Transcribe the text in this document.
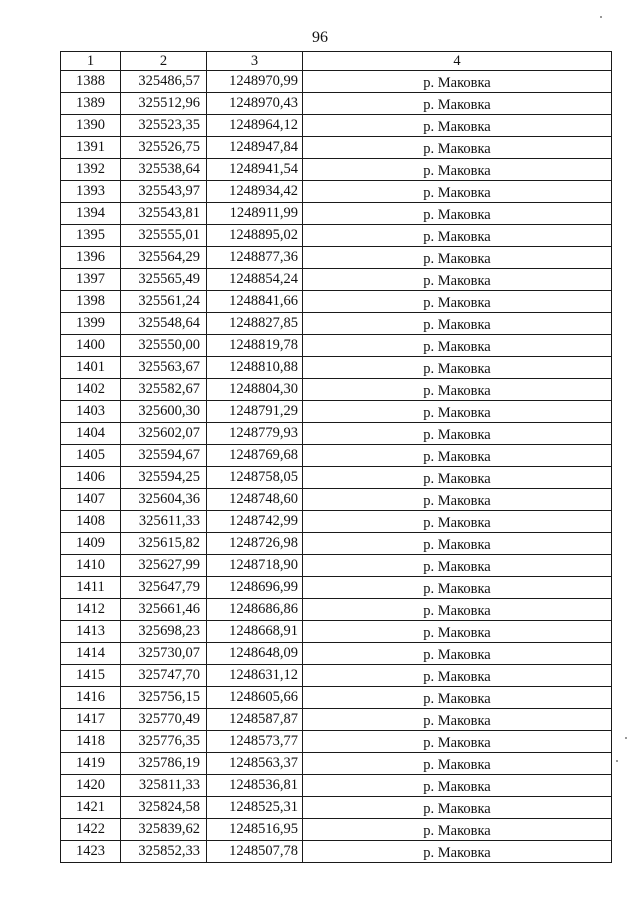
96
1	2	3	4
1388	325486,57	1248970,99	р. Маковка
1389	325512,96	1248970,43	р. Маковка
1390	325523,35	1248964,12	р. Маковка
1391	325526,75	1248947,84	р. Маковка
1392	325538,64	1248941,54	р. Маковка
1393	325543,97	1248934,42	р. Маковка
1394	325543,81	1248911,99	р. Маковка
1395	325555,01	1248895,02	р. Маковка
1396	325564,29	1248877,36	р. Маковка
1397	325565,49	1248854,24	р. Маковка
1398	325561,24	1248841,66	р. Маковка
1399	325548,64	1248827,85	р. Маковка
1400	325550,00	1248819,78	р. Маковка
1401	325563,67	1248810,88	р. Маковка
1402	325582,67	1248804,30	р. Маковка
1403	325600,30	1248791,29	р. Маковка
1404	325602,07	1248779,93	р. Маковка
1405	325594,67	1248769,68	р. Маковка
1406	325594,25	1248758,05	р. Маковка
1407	325604,36	1248748,60	р. Маковка
1408	325611,33	1248742,99	р. Маковка
1409	325615,82	1248726,98	р. Маковка
1410	325627,99	1248718,90	р. Маковка
1411	325647,79	1248696,99	р. Маковка
1412	325661,46	1248686,86	р. Маковка
1413	325698,23	1248668,91	р. Маковка
1414	325730,07	1248648,09	р. Маковка
1415	325747,70	1248631,12	р. Маковка
1416	325756,15	1248605,66	р. Маковка
1417	325770,49	1248587,87	р. Маковка
1418	325776,35	1248573,77	р. Маковка
1419	325786,19	1248563,37	р. Маковка
1420	325811,33	1248536,81	р. Маковка
1421	325824,58	1248525,31	р. Маковка
1422	325839,62	1248516,95	р. Маковка
1423	325852,33	1248507,78	р. Маковка
